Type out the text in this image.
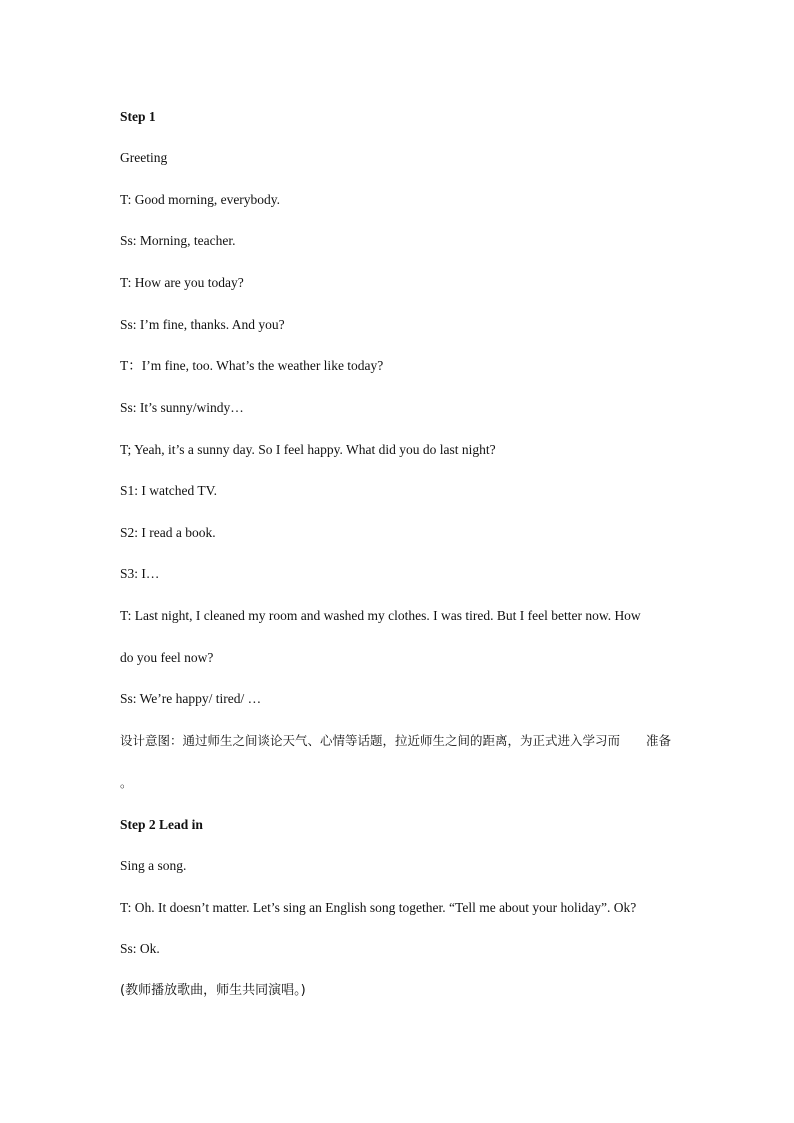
Step 1
Greeting
T: Good morning, everybody.
Ss: Morning, teacher.
T: How are you today?
Ss: I’m fine, thanks. And you?
T：I’m fine, too. What’s the weather like today?
Ss: It’s sunny/windy…
T; Yeah, it’s a sunny day. So I feel happy. What did you do last night?
S1: I watched TV.
S2: I read a book.
S3: I…
T: Last night, I cleaned my room and washed my clothes. I was tired. But I feel better now. How
do you feel now?
Ss: We’re happy/ tired/ …
设计意图：通过师生之间谈论天气、心情等话题，拉近师生之间的距离，为正式进入学习而 准备
。
Step 2 Lead in
Sing a song.
T: Oh. It doesn’t matter. Let’s sing an English song together. “Tell me about your holiday”. Ok?
Ss: Ok.
(教师播放歌曲，师生共同演唱。)
